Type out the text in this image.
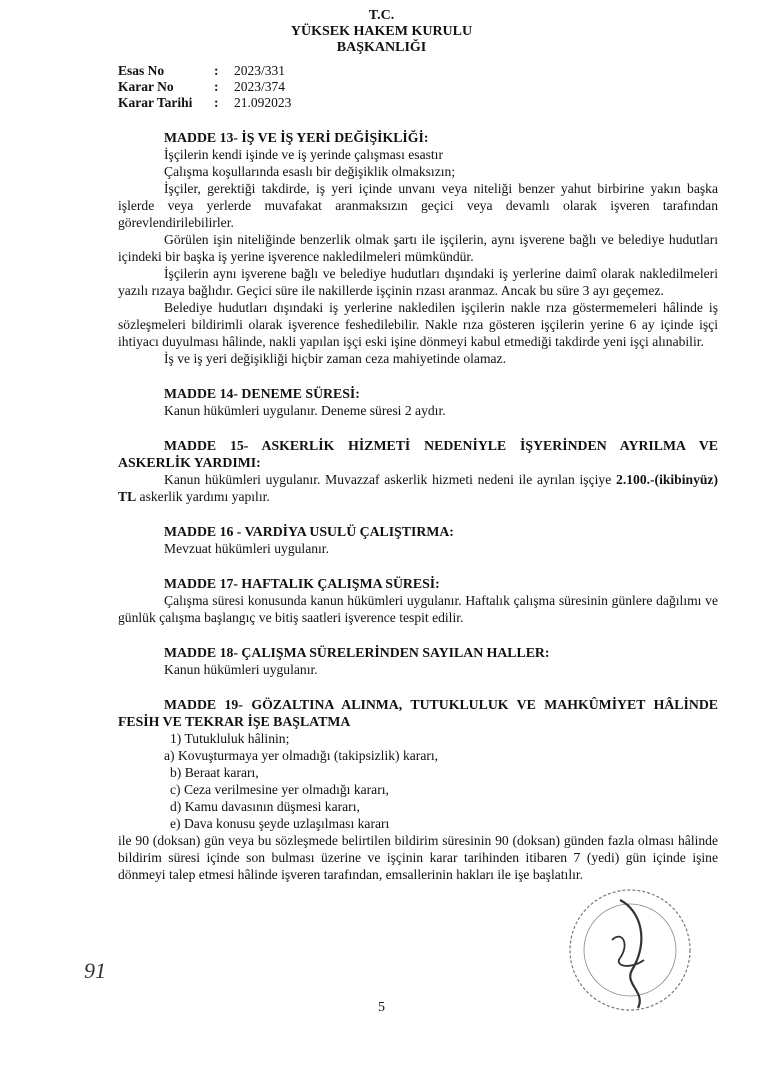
T.C.
YÜKSEK HAKEM KURULU
BAŞKANLIĞI
Esas No	: 2023/331
Karar No	: 2023/374
Karar Tarihi : 21.092023
MADDE 13- İŞ VE İŞ YERİ DEĞİŞİKLİĞİ:
İşçilerin kendi işinde ve iş yerinde çalışması esastır
Çalışma koşullarında esaslı bir değişiklik olmaksızın;
İşçiler, gerektiği takdirde, iş yeri içinde unvanı veya niteliği benzer yahut birbirine yakın başka işlerde veya yerlerde muvafakat aranmaksızın geçici veya devamlı olarak işveren tarafından görevlendirilebilirler.
Görülen işin niteliğinde benzerlik olmak şartı ile işçilerin, aynı işverene bağlı ve belediye hudutları içindeki bir başka iş yerine işverence nakledilmeleri mümkündür.
İşçilerin aynı işverene bağlı ve belediye hudutları dışındaki iş yerlerine daimî olarak nakledilmeleri yazılı rızaya bağlıdır. Geçici süre ile nakillerde işçinin rızası aranmaz. Ancak bu süre 3 ayı geçemez.
Belediye hudutları dışındaki iş yerlerine nakledilen işçilerin nakle rıza göstermemeleri hâlinde iş sözleşmeleri bildirimli olarak işverence feshedilebilir. Nakle rıza gösteren işçilerin yerine 6 ay içinde işçi ihtiyacı duyulması hâlinde, nakli yapılan işçi eski işine dönmeyi kabul etmediği takdirde yeni işçi alınabilir.
İş ve iş yeri değişikliği hiçbir zaman ceza mahiyetinde olamaz.
MADDE 14- DENEME SÜRESİ:
Kanun hükümleri uygulanır. Deneme süresi 2 aydır.
MADDE 15- ASKERLİK HİZMETİ NEDENİYLE İŞYERİNDEN AYRILMA VE ASKERLİK YARDIMI:
Kanun hükümleri uygulanır. Muvazzaf askerlik hizmeti nedeni ile ayrılan işçiye 2.100.-(ikibinyüz) TL askerlik yardımı yapılır.
MADDE 16 - VARDİYA USULÜ ÇALIŞTIRMA:
Mevzuat hükümleri uygulanır.
MADDE 17- HAFTALIK ÇALIŞMA SÜRESİ:
Çalışma süresi konusunda kanun hükümleri uygulanır. Haftalık çalışma süresinin günlere dağılımı ve günlük çalışma başlangıç ve bitiş saatleri işverence tespit edilir.
MADDE 18- ÇALIŞMA SÜRELERİNDEN SAYILAN HALLER:
Kanun hükümleri uygulanır.
MADDE 19- GÖZALTINA ALINMA, TUTUKLULUK VE MAHKÛMİYET HÂLİNDE FESİH VE TEKRAR İŞE BAŞLATMA
1) Tutukluluk hâlinin;
a) Kovuşturmaya yer olmadığı (takipsizlik) kararı,
b) Beraat kararı,
c) Ceza verilmesine yer olmadığı kararı,
d) Kamu davasının düşmesi kararı,
e) Dava konusu şeyde uzlaşılması kararı
ile 90 (doksan) gün veya bu sözleşmede belirtilen bildirim süresinin 90 (doksan) günden fazla olması hâlinde bildirim süresi içinde son bulması üzerine ve işçinin karar tarihinden itibaren 7 (yedi) gün içinde işine dönmeyi talep etmesi hâlinde işveren tarafından, emsallerinin hakları ile işe başlatılır.
91
5
